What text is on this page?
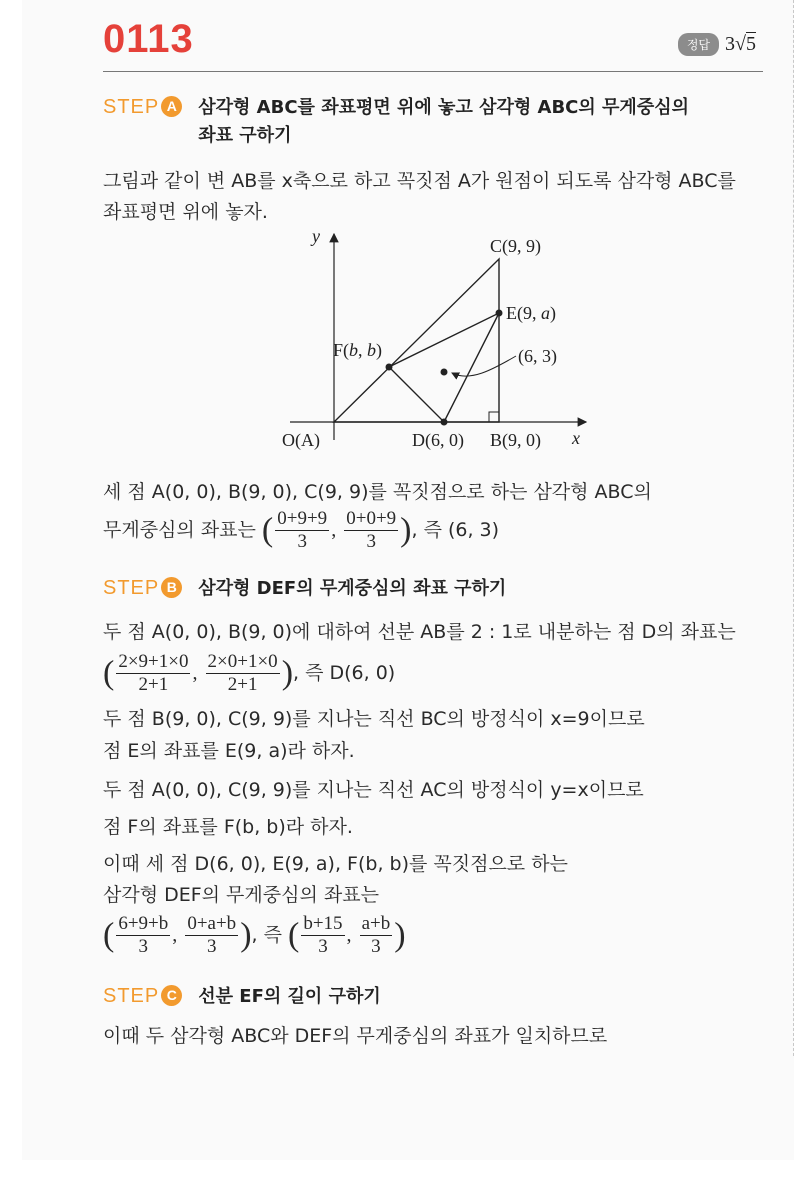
0113	정답 3√5
STEP A	삼각형 ABC를 좌표평면 위에 놓고 삼각형 ABC의 무게중심의
좌표 구하기
그림과 같이 변 AB를 x축으로 하고 꼭짓점 A가 원점이 되도록 삼각형 ABC를
좌표평면 위에 놓자.
y
x
C(9, 9)
E(9, a)
F(b, b)	(6, 3)
O(A)	D(6, 0) B(9, 0)
세 점 A(0, 0), B(9, 0), C(9, 9)를 꼭짓점으로 하는 삼각형 ABC의
무게중심의 좌표는 ( $\frac{0+9+9}{3}$ , $\frac{0+0+9}{3}$ ), 즉 (6, 3)
STEP B	삼각형 DEF의 무게중심의 좌표 구하기
두 점 A(0, 0), B(9, 0)에 대하여 선분 AB를 2 : 1로 내분하는 점 D의 좌표는
( $\frac{2\times 9+1\times 0}{2+1}$ , $\frac{2\times 0+1\times 0}{2+1}$ ), 즉 D(6, 0)
두 점 B(9, 0), C(9, 9)를 지나는 직선 BC의 방정식이 x=9이므로
점 E의 좌표를 E(9, a)라 하자.
두 점 A(0, 0), C(9, 9)를 지나는 직선 AC의 방정식이 y=x이므로
점 F의 좌표를 F(b, b)라 하자.
이때 세 점 D(6, 0), E(9, a), F(b, b)를 꼭짓점으로 하는
삼각형 DEF의 무게중심의 좌표는
( $\frac{6+9+b}{3}$ , $\frac{0+a+b}{3}$ ), 즉 ( $\frac{b+15}{3}$ , $\frac{a+b}{3}$ )
STEP C	선분 EF의 길이 구하기
이때 두 삼각형 ABC와 DEF의 무게중심의 좌표가 일치하므로
